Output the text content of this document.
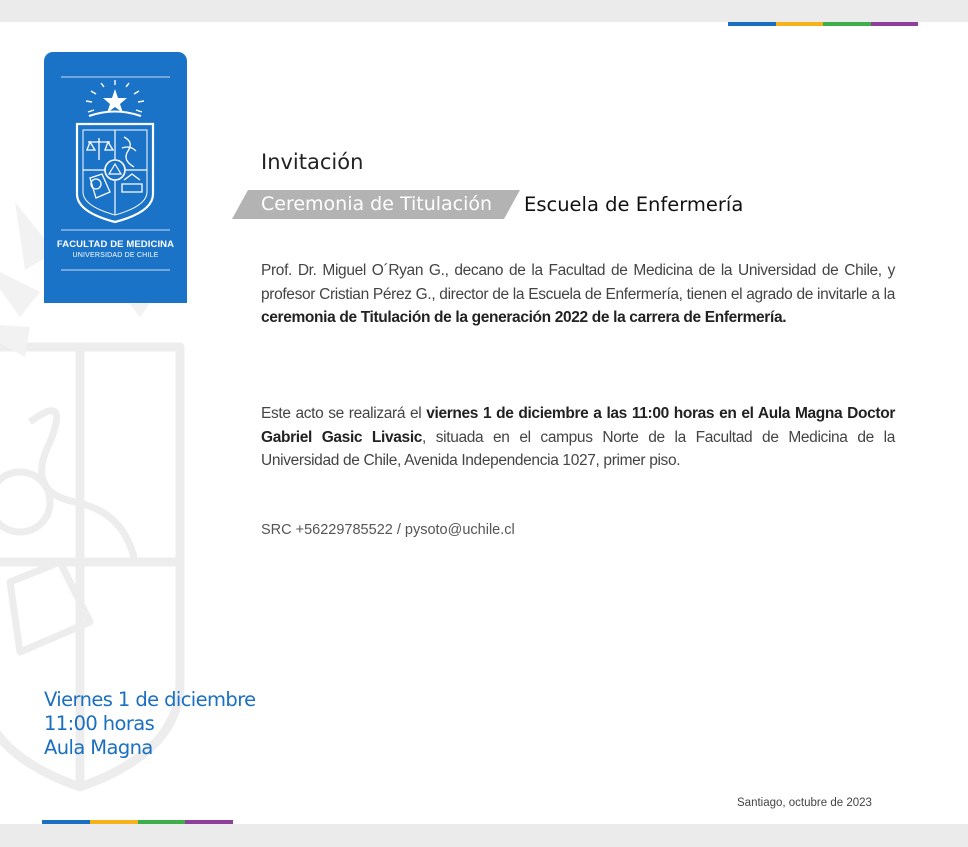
FACULTAD DE MEDICINA
UNIVERSIDAD DE CHILE
Invitación
Ceremonia de Titulación Escuela de Enfermería

Prof. Dr. Miguel O´Ryan G., decano de la Facultad de Medicina de la Universidad de Chile, y profesor Cristian Pérez G., director de la Escuela de Enfermería, tienen el agrado de invitarle a la ceremonia de Titulación de la generación 2022 de la carrera de Enfermería.

Este acto se realizará el viernes 1 de diciembre a las 11:00 horas en el Aula Magna Doctor Gabriel Gasic Livasic, situada en el campus Norte de la Facultad de Medicina de la Universidad de Chile, Avenida Independencia 1027, primer piso.

SRC +56229785522 / pysoto@uchile.cl
Viernes 1 de diciembre
11:00 horas
Aula Magna
Santiago, octubre de 2023
